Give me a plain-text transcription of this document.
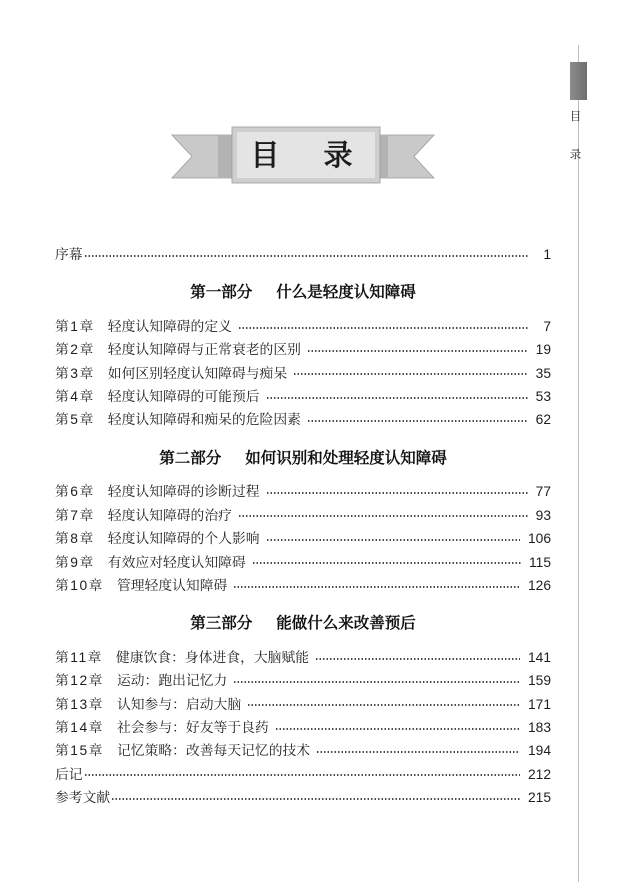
目
录
目 录
序幕	1
第一部分 什么是轻度认知障碍
第1章 轻度认知障碍的定义	7
第2章 轻度认知障碍与正常衰老的区别	19
第3章 如何区别轻度认知障碍与痴呆	35
第4章 轻度认知障碍的可能预后	53
第5章 轻度认知障碍和痴呆的危险因素	62
第二部分 如何识别和处理轻度认知障碍
第6章 轻度认知障碍的诊断过程	77
第7章 轻度认知障碍的治疗	93
第8章 轻度认知障碍的个人影响	106
第9章 有效应对轻度认知障碍	115
第10章 管理轻度认知障碍	126
第三部分 能做什么来改善预后
第11章 健康饮食：身体进食，大脑赋能	141
第12章 运动：跑出记忆力	159
第13章 认知参与：启动大脑	171
第14章 社会参与：好友等于良药	183
第15章 记忆策略：改善每天记忆的技术	194
后记	212
参考文献	215
